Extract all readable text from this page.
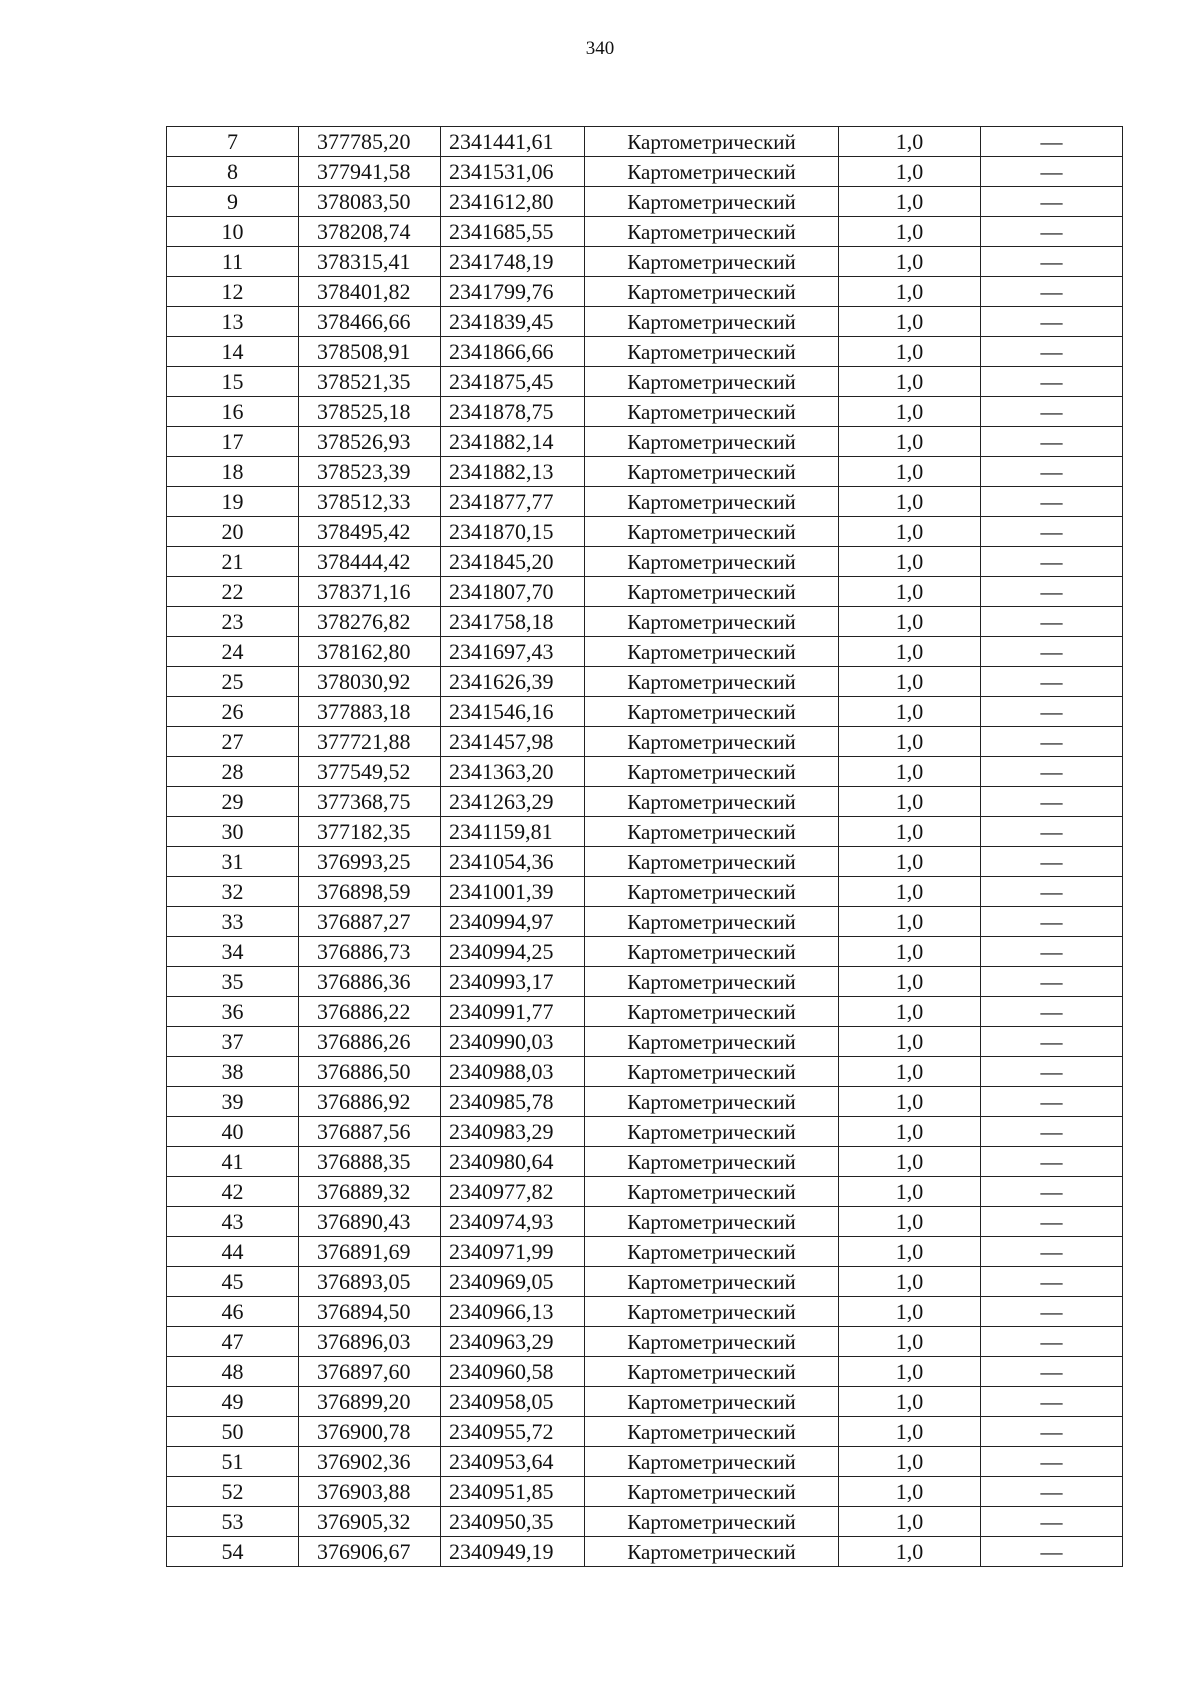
340
7	377785,20	2341441,61	Картометрический	1,0	—
8	377941,58	2341531,06	Картометрический	1,0	—
9	378083,50	2341612,80	Картометрический	1,0	—
10	378208,74	2341685,55	Картометрический	1,0	—
11	378315,41	2341748,19	Картометрический	1,0	—
12	378401,82	2341799,76	Картометрический	1,0	—
13	378466,66	2341839,45	Картометрический	1,0	—
14	378508,91	2341866,66	Картометрический	1,0	—
15	378521,35	2341875,45	Картометрический	1,0	—
16	378525,18	2341878,75	Картометрический	1,0	—
17	378526,93	2341882,14	Картометрический	1,0	—
18	378523,39	2341882,13	Картометрический	1,0	—
19	378512,33	2341877,77	Картометрический	1,0	—
20	378495,42	2341870,15	Картометрический	1,0	—
21	378444,42	2341845,20	Картометрический	1,0	—
22	378371,16	2341807,70	Картометрический	1,0	—
23	378276,82	2341758,18	Картометрический	1,0	—
24	378162,80	2341697,43	Картометрический	1,0	—
25	378030,92	2341626,39	Картометрический	1,0	—
26	377883,18	2341546,16	Картометрический	1,0	—
27	377721,88	2341457,98	Картометрический	1,0	—
28	377549,52	2341363,20	Картометрический	1,0	—
29	377368,75	2341263,29	Картометрический	1,0	—
30	377182,35	2341159,81	Картометрический	1,0	—
31	376993,25	2341054,36	Картометрический	1,0	—
32	376898,59	2341001,39	Картометрический	1,0	—
33	376887,27	2340994,97	Картометрический	1,0	—
34	376886,73	2340994,25	Картометрический	1,0	—
35	376886,36	2340993,17	Картометрический	1,0	—
36	376886,22	2340991,77	Картометрический	1,0	—
37	376886,26	2340990,03	Картометрический	1,0	—
38	376886,50	2340988,03	Картометрический	1,0	—
39	376886,92	2340985,78	Картометрический	1,0	—
40	376887,56	2340983,29	Картометрический	1,0	—
41	376888,35	2340980,64	Картометрический	1,0	—
42	376889,32	2340977,82	Картометрический	1,0	—
43	376890,43	2340974,93	Картометрический	1,0	—
44	376891,69	2340971,99	Картометрический	1,0	—
45	376893,05	2340969,05	Картометрический	1,0	—
46	376894,50	2340966,13	Картометрический	1,0	—
47	376896,03	2340963,29	Картометрический	1,0	—
48	376897,60	2340960,58	Картометрический	1,0	—
49	376899,20	2340958,05	Картометрический	1,0	—
50	376900,78	2340955,72	Картометрический	1,0	—
51	376902,36	2340953,64	Картометрический	1,0	—
52	376903,88	2340951,85	Картометрический	1,0	—
53	376905,32	2340950,35	Картометрический	1,0	—
54	376906,67	2340949,19	Картометрический	1,0	—
